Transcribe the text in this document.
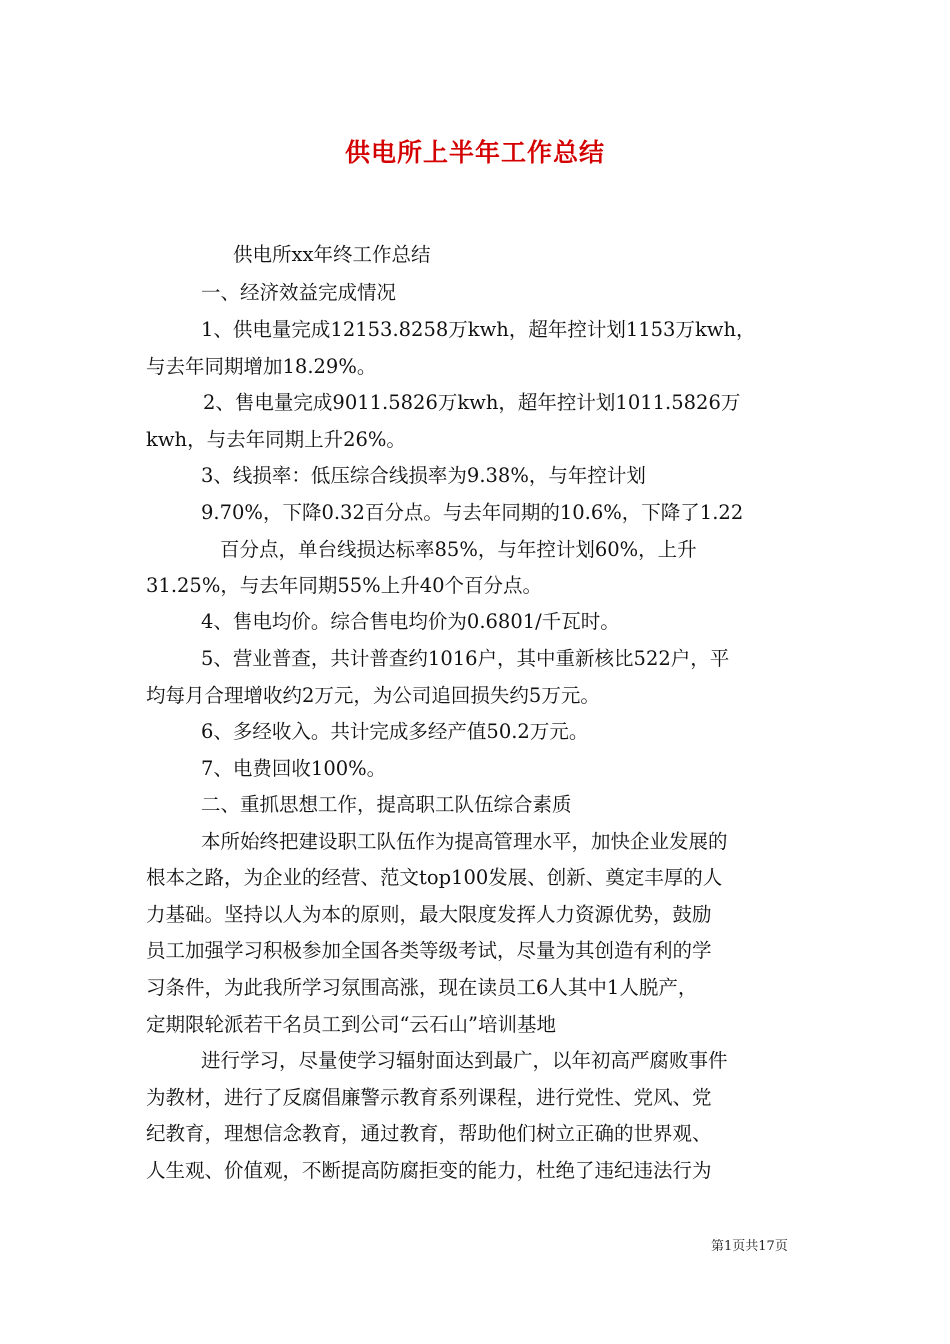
供电所上半年工作总结
供电所xx年终工作总结
一、经济效益完成情况
1、供电量完成12153.8258万kwh，超年控计划1153万kwh，
与去年同期增加18.29%。
2、售电量完成9011.5826万kwh，超年控计划1011.5826万
kwh，与去年同期上升26%。
3、线损率：低压综合线损率为9.38%，与年控计划
9.70%，下降0.32百分点。与去年同期的10.6%，下降了1.22
百分点，单台线损达标率85%，与年控计划60%，上升
31.25%，与去年同期55%上升40个百分点。
4、售电均价。综合售电均价为0.6801/千瓦时。
5、营业普查，共计普查约1016户，其中重新核比522户，平
均每月合理增收约2万元，为公司追回损失约5万元。
6、多经收入。共计完成多经产值50.2万元。
7、电费回收100%。
二、重抓思想工作，提高职工队伍综合素质
本所始终把建设职工队伍作为提高管理水平，加快企业发展的
根本之路，为企业的经营、范文top100发展、创新、奠定丰厚的人
力基础。坚持以人为本的原则，最大限度发挥人力资源优势，鼓励
员工加强学习积极参加全国各类等级考试，尽量为其创造有利的学
习条件，为此我所学习氛围高涨，现在读员工6人其中1人脱产，
定期限轮派若干名员工到公司“云石山”培训基地
进行学习，尽量使学习辐射面达到最广，以年初高严腐败事件
为教材，进行了反腐倡廉警示教育系列课程，进行党性、党风、党
纪教育，理想信念教育，通过教育，帮助他们树立正确的世界观、
人生观、价值观，不断提高防腐拒变的能力，杜绝了违纪违法行为
第1页共17页
